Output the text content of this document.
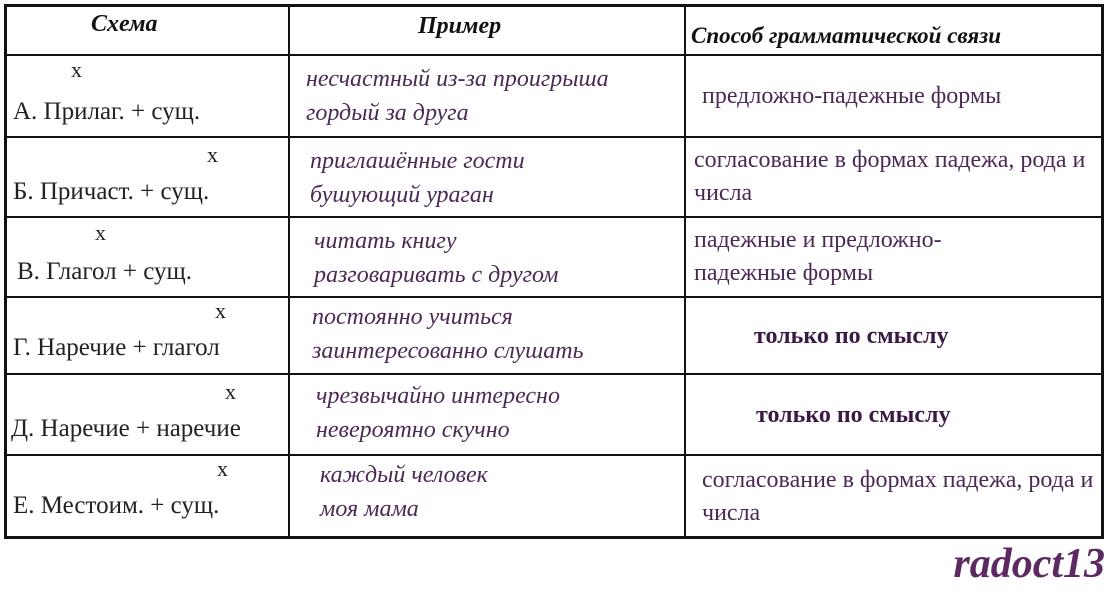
Схема	Пример	Способ грамматической связи
x
А. Прилаг. + сущ.
несчастный из-за проигрыша
гордый за друга
предложно-падежные формы
x
Б. Причаст. + сущ.
приглашённые гости
бушующий ураган
согласование в формах падежа, рода и числа
x
В. Глагол + сущ.
читать книгу
разговаривать с другом
падежные и предложно-падежные формы
x
Г. Наречие + глагол
постоянно учиться
заинтересованно слушать
только по смыслу
x
Д. Наречие + наречие
чрезвычайно интересно
невероятно скучно
только по смыслу
x
Е. Местоим. + сущ.
каждый человек
моя мама
согласование в формах падежа, рода и числа
radoct13
